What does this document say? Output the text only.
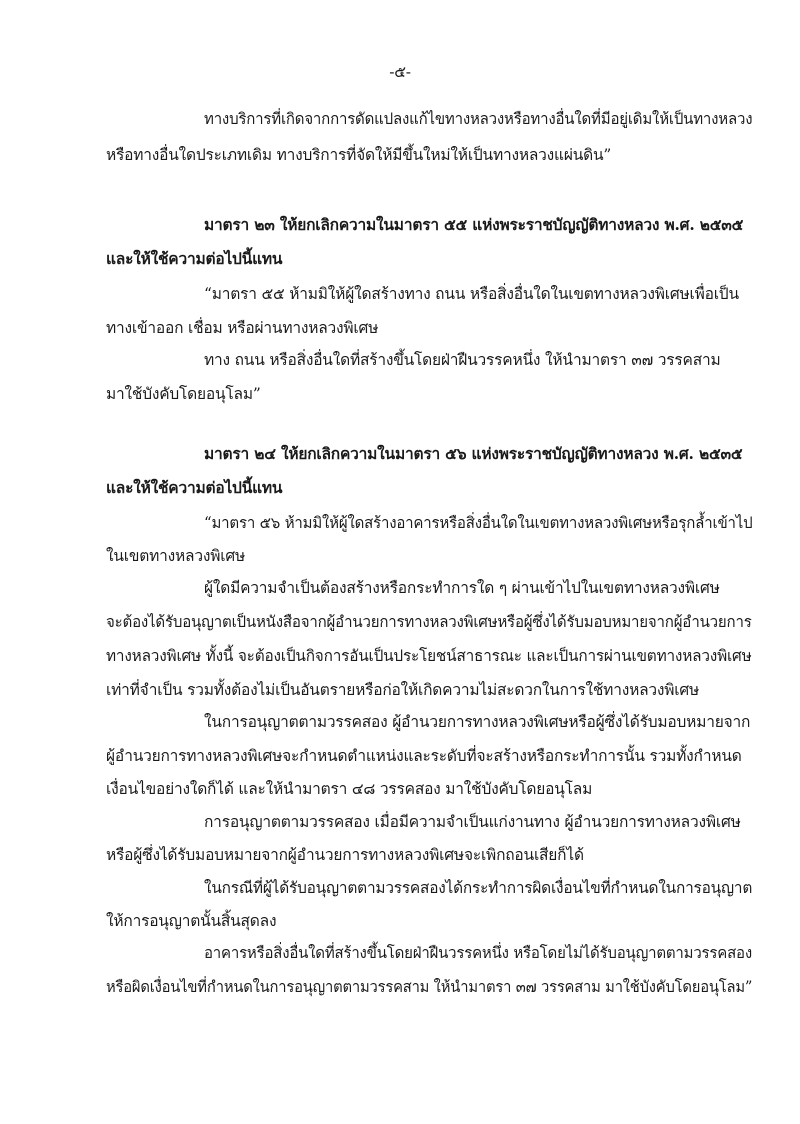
-๕-
ทางบริการที่เกิดจากการดัดแปลงแก้ไขทางหลวงหรือทางอื่นใดที่มีอยู่เดิมให้เป็นทางหลวง
หรือทางอื่นใดประเภทเดิม ทางบริการที่จัดให้มีขึ้นใหม่ให้เป็นทางหลวงแผ่นดิน”
มาตรา ๒๓ ให้ยกเลิกความในมาตรา ๕๕ แห่งพระราชบัญญัติทางหลวง พ.ศ. ๒๕๓๕
และให้ใช้ความต่อไปนี้แทน
“มาตรา ๕๕ ห้ามมิให้ผู้ใดสร้างทาง ถนน หรือสิ่งอื่นใดในเขตทางหลวงพิเศษเพื่อเป็น
ทางเข้าออก เชื่อม หรือผ่านทางหลวงพิเศษ
ทาง ถนน หรือสิ่งอื่นใดที่สร้างขึ้นโดยฝ่าฝืนวรรคหนึ่ง ให้นำมาตรา ๓๗ วรรคสาม
มาใช้บังคับโดยอนุโลม”
มาตรา ๒๔ ให้ยกเลิกความในมาตรา ๕๖ แห่งพระราชบัญญัติทางหลวง พ.ศ. ๒๕๓๕
และให้ใช้ความต่อไปนี้แทน
“มาตรา ๕๖ ห้ามมิให้ผู้ใดสร้างอาคารหรือสิ่งอื่นใดในเขตทางหลวงพิเศษหรือรุกล้ำเข้าไป
ในเขตทางหลวงพิเศษ
ผู้ใดมีความจำเป็นต้องสร้างหรือกระทำการใด ๆ ผ่านเข้าไปในเขตทางหลวงพิเศษ
จะต้องได้รับอนุญาตเป็นหนังสือจากผู้อำนวยการทางหลวงพิเศษหรือผู้ซึ่งได้รับมอบหมายจากผู้อำนวยการ
ทางหลวงพิเศษ ทั้งนี้ จะต้องเป็นกิจการอันเป็นประโยชน์สาธารณะ และเป็นการผ่านเขตทางหลวงพิเศษ
เท่าที่จำเป็น รวมทั้งต้องไม่เป็นอันตรายหรือก่อให้เกิดความไม่สะดวกในการใช้ทางหลวงพิเศษ
ในการอนุญาตตามวรรคสอง ผู้อำนวยการทางหลวงพิเศษหรือผู้ซึ่งได้รับมอบหมายจาก
ผู้อำนวยการทางหลวงพิเศษจะกำหนดตำแหน่งและระดับที่จะสร้างหรือกระทำการนั้น รวมทั้งกำหนด
เงื่อนไขอย่างใดก็ได้ และให้นำมาตรา ๔๘ วรรคสอง มาใช้บังคับโดยอนุโลม
การอนุญาตตามวรรคสอง เมื่อมีความจำเป็นแก่งานทาง ผู้อำนวยการทางหลวงพิเศษ
หรือผู้ซึ่งได้รับมอบหมายจากผู้อำนวยการทางหลวงพิเศษจะเพิกถอนเสียก็ได้
ในกรณีที่ผู้ได้รับอนุญาตตามวรรคสองได้กระทำการผิดเงื่อนไขที่กำหนดในการอนุญาต
ให้การอนุญาตนั้นสิ้นสุดลง
อาคารหรือสิ่งอื่นใดที่สร้างขึ้นโดยฝ่าฝืนวรรคหนึ่ง หรือโดยไม่ได้รับอนุญาตตามวรรคสอง
หรือผิดเงื่อนไขที่กำหนดในการอนุญาตตามวรรคสาม ให้นำมาตรา ๓๗ วรรคสาม มาใช้บังคับโดยอนุโลม”
